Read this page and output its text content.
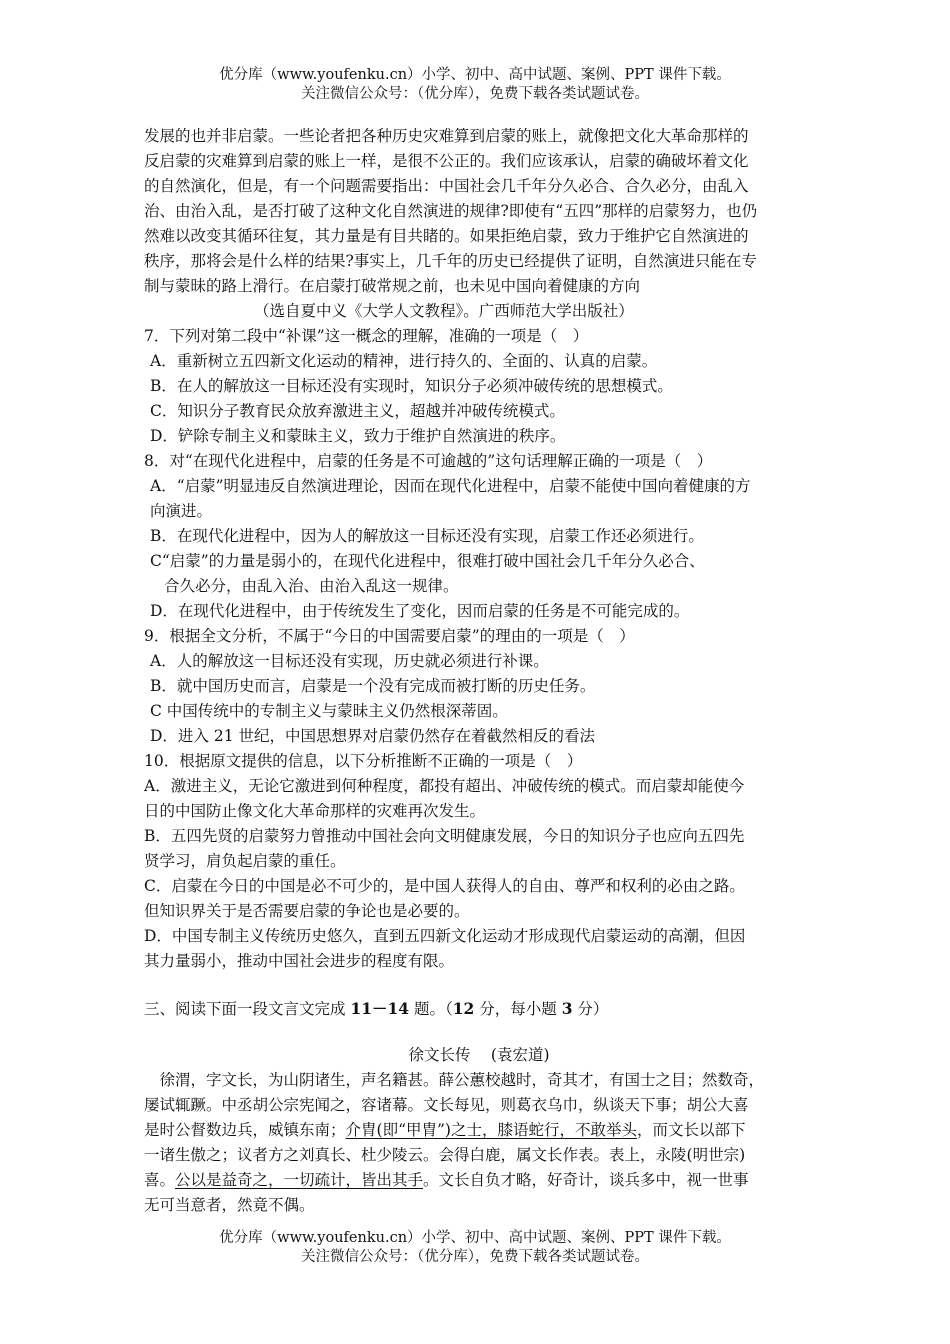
优分库（www.youfenku.cn）小学、初中、高中试题、案例、PPT 课件下载。
关注微信公众号：（优分库），免费下载各类试题试卷。
发展的也并非启蒙。一些论者把各种历史灾难算到启蒙的账上，就像把文化大革命那样的
反启蒙的灾难算到启蒙的账上一样，是很不公正的。我们应该承认，启蒙的确破坏着文化
的自然演化，但是，有一个问题需要指出：中国社会几千年分久必合、合久必分，由乱入
治、由治入乱，是否打破了这种文化自然演进的规律?即使有“五四”那样的启蒙努力，也仍
然难以改变其循环往复，其力量是有目共睹的。如果拒绝启蒙，致力于维护它自然演进的
秩序，那将会是什么样的结果?事实上，几千年的历史已经提供了证明，自然演进只能在专
制与蒙昧的路上滑行。在启蒙打破常规之前，也未见中国向着健康的方向
（选自夏中义《大学人文教程》。广西师范大学出版社）
7．下列对第二段中“补课”这一概念的理解，准确的一项是（　）
A．重新树立五四新文化运动的精神，进行持久的、全面的、认真的启蒙。
B．在人的解放这一目标还没有实现时，知识分子必须冲破传统的思想模式。
C．知识分子教育民众放弃激进主义，超越并冲破传统模式。
D．铲除专制主义和蒙昧主义，致力于维护自然演进的秩序。
8．对“在现代化进程中，启蒙的任务是不可逾越的”这句话理解正确的一项是（　）
A．“启蒙”明显违反自然演进理论，因而在现代化进程中，启蒙不能使中国向着健康的方
向演进。
B．在现代化进程中，因为人的解放这一目标还没有实现，启蒙工作还必须进行。
C“启蒙”的力量是弱小的，在现代化进程中，很难打破中国社会几千年分久必合、
合久必分，由乱入治、由治入乱这一规律。
D．在现代化进程中，由于传统发生了变化，因而启蒙的任务是不可能完成的。
9．根据全文分析，不属于“今日的中国需要启蒙”的理由的一项是（　）
A．人的解放这一目标还没有实现，历史就必须进行补课。
B．就中国历史而言，启蒙是一个没有完成而被打断的历史任务。
C 中国传统中的专制主义与蒙昧主义仍然根深蒂固。
D．进入 21 世纪，中国思想界对启蒙仍然存在着截然相反的看法
10．根据原文提供的信息，以下分析推断不正确的一项是（　）
A．激进主义，无论它激进到何种程度，都投有超出、冲破传统的模式。而启蒙却能使今
日的中国防止像文化大革命那样的灾难再次发生。
B．五四先贤的启蒙努力曾推动中国社会向文明健康发展，今日的知识分子也应向五四先
贤学习，肩负起启蒙的重任。
C．启蒙在今日的中国是必不可少的，是中国人获得人的自由、尊严和权利的必由之路。
但知识界关于是否需要启蒙的争论也是必要的。
D．中国专制主义传统历史悠久，直到五四新文化运动才形成现代启蒙运动的高潮，但因
其力量弱小，推动中国社会进步的程度有限。
三、阅读下面一段文言文完成 11－14 题。（12 分，每小题 3 分）
徐文长传　 (袁宏道)
　徐渭，字文长，为山阴诸生，声名籍甚。薛公蕙校越时，奇其才，有国士之目；然数奇，
屡试辄蹶。中丞胡公宗宪闻之，容诸幕。文长每见，则葛衣乌巾，纵谈天下事；胡公大喜
是时公督数边兵，威镇东南；介胄(即“甲胄”)之士，膝语蛇行，不敢举头，而文长以部下
一诸生傲之；议者方之刘真长、杜少陵云。会得白鹿，属文长作表。表上，永陵 · ·(明世宗)
喜。公以是益奇之，一切疏计，皆出其手。文长自负才略，好奇计，谈兵多中，视一世事
无可当意者，然竟不偶。
优分库（www.youfenku.cn）小学、初中、高中试题、案例、PPT 课件下载。
关注微信公众号：（优分库），免费下载各类试题试卷。
